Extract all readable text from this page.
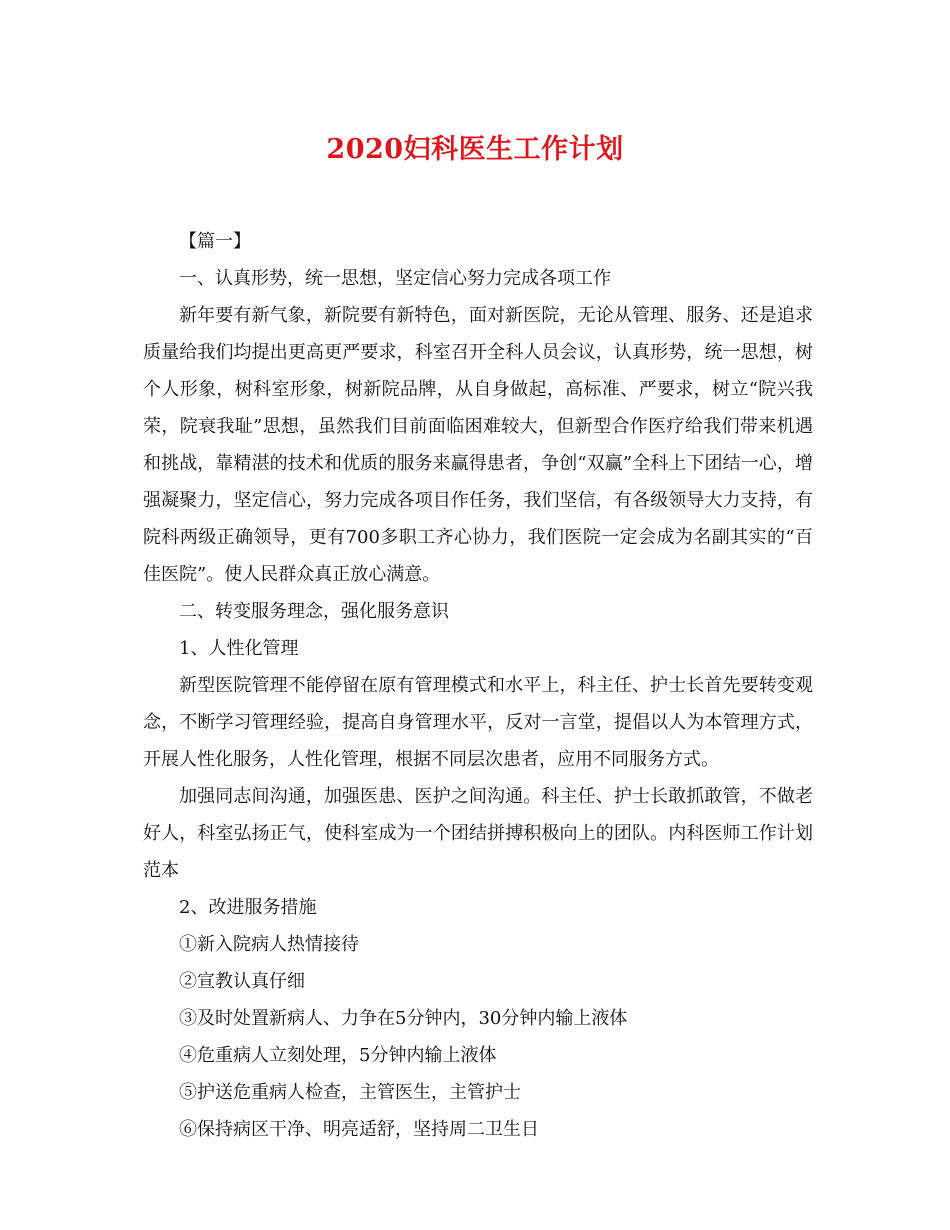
2020妇科医生工作计划

【篇一】

一、认真形势，统一思想，坚定信心努力完成各项工作

新年要有新气象，新院要有新特色，面对新医院，无论从管理、服务、还是追求质量给我们均提出更高更严要求，科室召开全科人员会议，认真形势，统一思想，树个人形象，树科室形象，树新院品牌，从自身做起，高标准、严要求，树立“院兴我荣，院衰我耻”思想，虽然我们目前面临困难较大，但新型合作医疗给我们带来机遇和挑战，靠精湛的技术和优质的服务来赢得患者，争创“双赢”全科上下团结一心，增强凝聚力，坚定信心，努力完成各项目作任务，我们坚信，有各级领导大力支持，有院科两级正确领导，更有700多职工齐心协力，我们医院一定会成为名副其实的“百佳医院”。使人民群众真正放心满意。

二、转变服务理念，强化服务意识

1、人性化管理

新型医院管理不能停留在原有管理模式和水平上，科主任、护士长首先要转变观念，不断学习管理经验，提高自身管理水平，反对一言堂，提倡以人为本管理方式，开展人性化服务，人性化管理，根据不同层次患者，应用不同服务方式。

加强同志间沟通，加强医患、医护之间沟通。科主任、护士长敢抓敢管，不做老好人，科室弘扬正气，使科室成为一个团结拼搏积极向上的团队。内科医师工作计划范本

2、改进服务措施

①新入院病人热情接待

②宣教认真仔细

③及时处置新病人、力争在5分钟内，30分钟内输上液体

④危重病人立刻处理，5分钟内输上液体

⑤护送危重病人检查，主管医生，主管护士

⑥保持病区干净、明亮适舒，坚持周二卫生日
